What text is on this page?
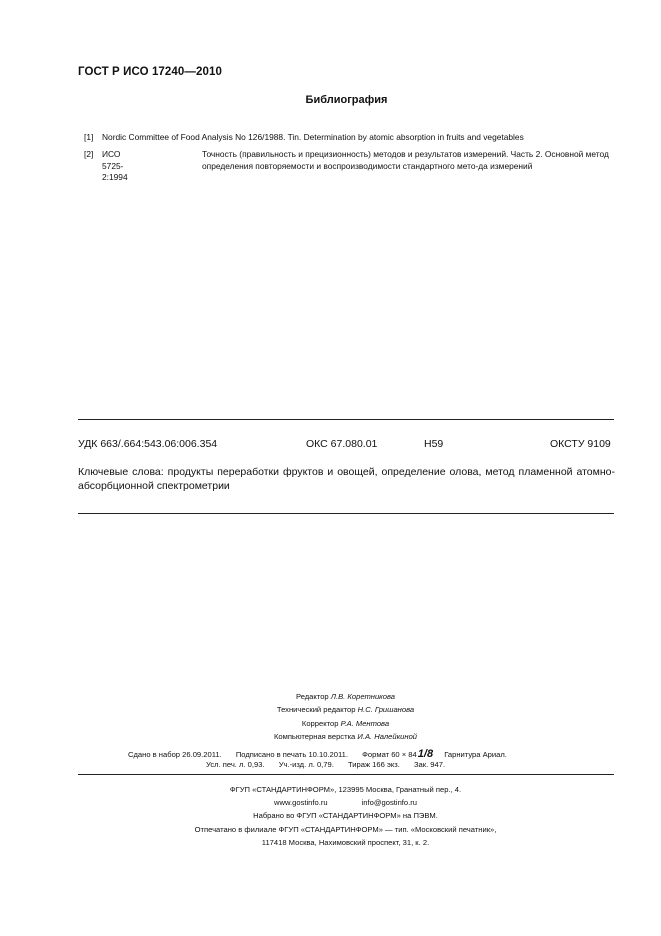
ГОСТ Р ИСО 17240—2010
Библиография
[1] Nordic Committee of Food Analysis No 126/1988. Tin. Determination by atomic absorption in fruits and vegetables
[2] ИСО 5725-2:1994
Точность (правильность и прецизионность) методов и результатов измерений. Часть 2. Основной метод определения повторяемости и воспроизводимости стандартного мето-да измерений
УДК 663/.664:543.06:006.354	ОКС 67.080.01	Н59	ОКСТУ 9109
Ключевые слова: продукты переработки фруктов и овощей, определение олова, метод пламенной атомно-абсорбционной спектрометрии
Редактор Л.В. Коретникова
Технический редактор Н.С. Гришанова
Корректор Р.А. Ментова
Компьютерная верстка И.А. Налейкиной
Сдано в набор 26.09.2011. Подписано в печать 10.10.2011. Формат 60 × 841/8 Гарнитура Ариал.
Усл. печ. л. 0,93. Уч.-изд. л. 0,79. Тираж 166 экз. Зак. 947.
ФГУП «СТАНДАРТИНФОРМ», 123995 Москва, Гранатный пер., 4.
www.gostinfo.ru	info@gostinfo.ru
Набрано во ФГУП «СТАНДАРТИНФОРМ» на ПЭВМ.
Отпечатано в филиале ФГУП «СТАНДАРТИНФОРМ» — тип. «Московский печатник»,
117418 Москва, Нахимовский проспект, 31, к. 2.
